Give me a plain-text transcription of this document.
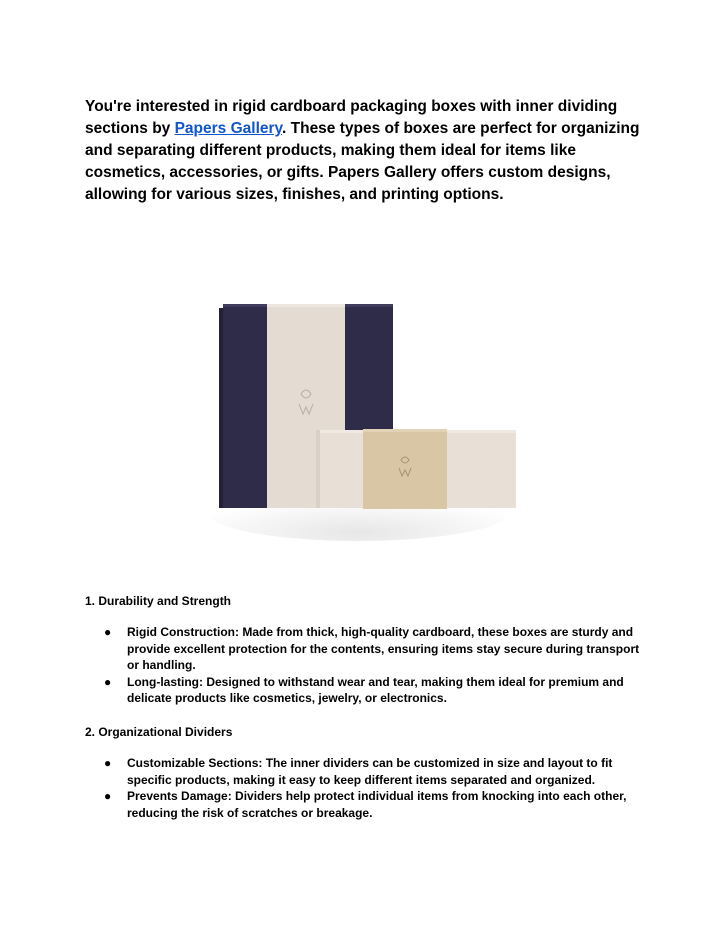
You're interested in rigid cardboard packaging boxes with inner dividing sections by Papers Gallery. These types of boxes are perfect for organizing and separating different products, making them ideal for items like cosmetics, accessories, or gifts. Papers Gallery offers custom designs, allowing for various sizes, finishes, and printing options.

1. Durability and Strength
● Rigid Construction: Made from thick, high-quality cardboard, these boxes are sturdy and provide excellent protection for the contents, ensuring items stay secure during transport or handling.
● Long-lasting: Designed to withstand wear and tear, making them ideal for premium and delicate products like cosmetics, jewelry, or electronics.
2. Organizational Dividers
● Customizable Sections: The inner dividers can be customized in size and layout to fit specific products, making it easy to keep different items separated and organized.
● Prevents Damage: Dividers help protect individual items from knocking into each other, reducing the risk of scratches or breakage.
